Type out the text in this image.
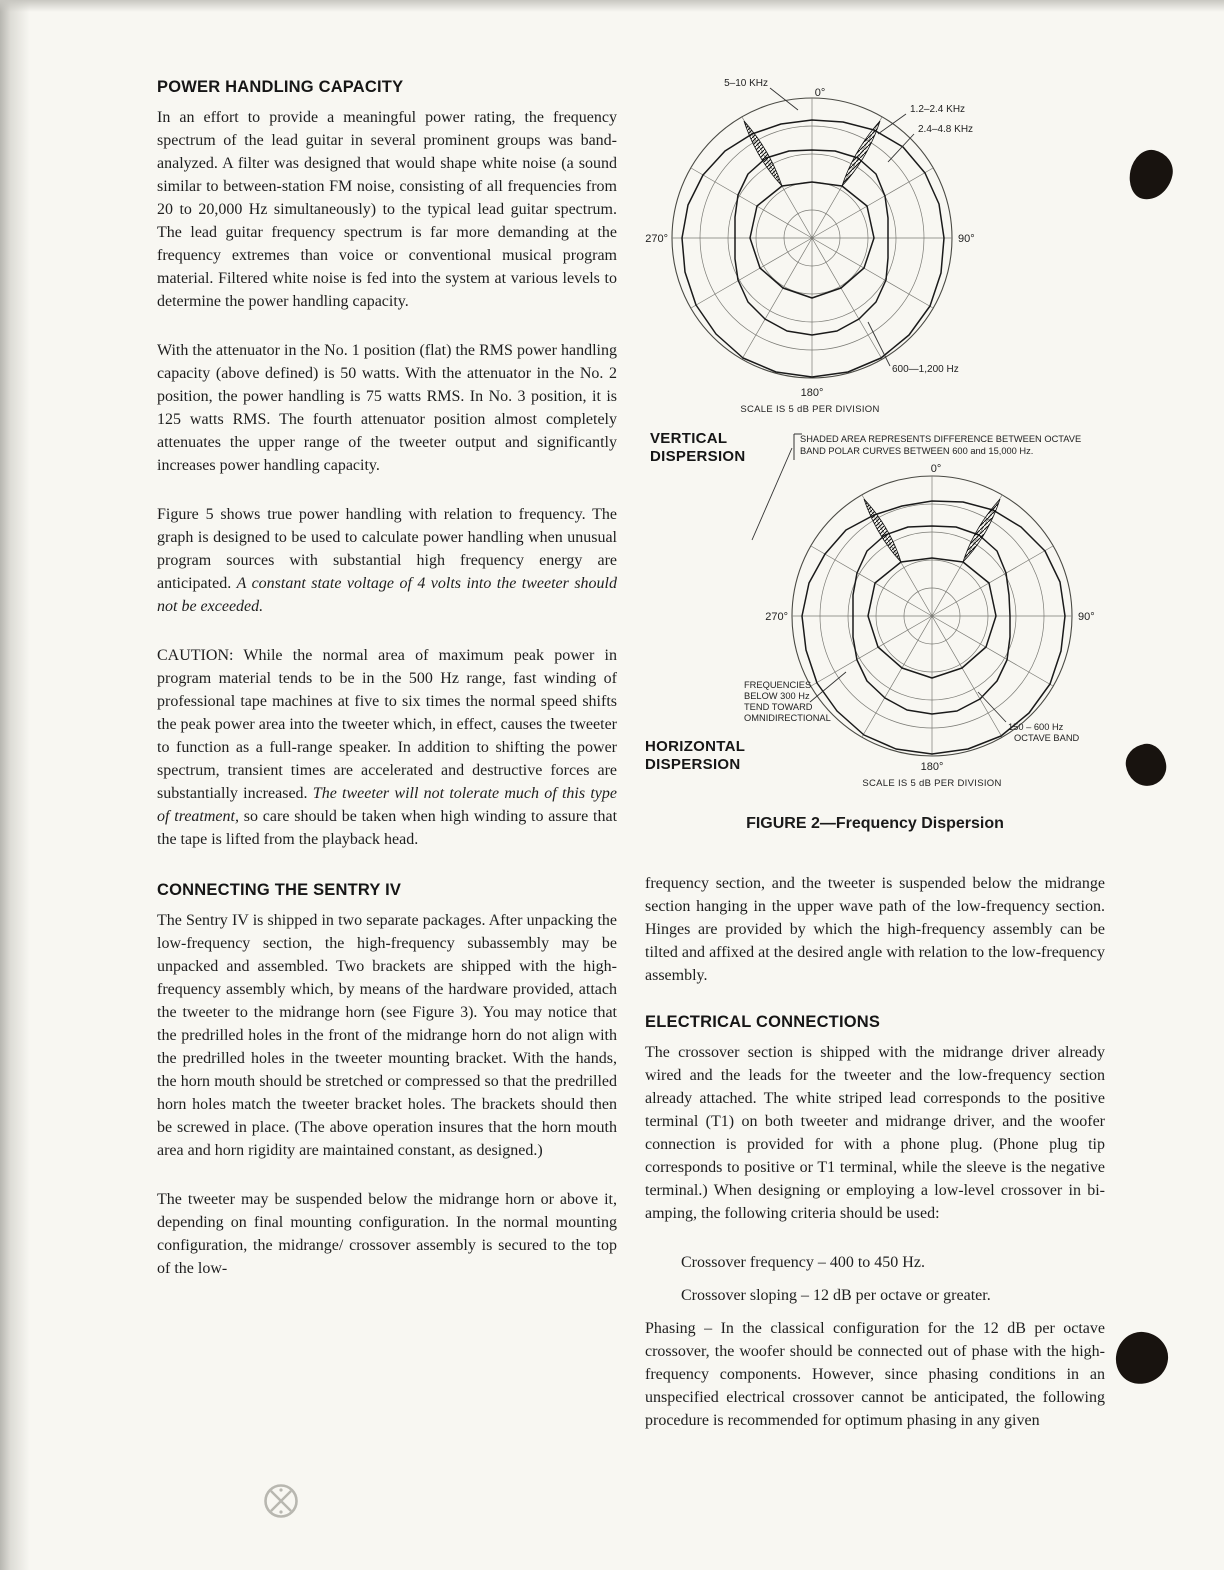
POWER HANDLING CAPACITY

In an effort to provide a meaningful power rating, the frequency spectrum of the lead guitar in several prominent groups was band-analyzed. A filter was designed that would shape white noise (a sound similar to between-station FM noise, consisting of all frequencies from 20 to 20,000 Hz simultaneously) to the typical lead guitar spectrum. The lead guitar frequency spectrum is far more demanding at the frequency extremes than voice or conventional musical program material. Filtered white noise is fed into the system at various levels to determine the power handling capacity.

With the attenuator in the No. 1 position (flat) the RMS power handling capacity (above defined) is 50 watts. With the attenuator in the No. 2 position, the power handling is 75 watts RMS. In No. 3 position, it is 125 watts RMS. The fourth attenuator position almost completely attenuates the upper range of the tweeter output and significantly increases power handling capacity.

Figure 5 shows true power handling with relation to frequency. The graph is designed to be used to calculate power handling when unusual program sources with substantial high frequency energy are anticipated. A constant state voltage of 4 volts into the tweeter should not be exceeded.

CAUTION: While the normal area of maximum peak power in program material tends to be in the 500 Hz range, fast winding of professional tape machines at five to six times the normal speed shifts the peak power area into the tweeter which, in effect, causes the tweeter to function as a full-range speaker. In addition to shifting the power spectrum, transient times are accelerated and destructive forces are substantially increased. The tweeter will not tolerate much of this type of treatment, so care should be taken when high winding to assure that the tape is lifted from the playback head.

CONNECTING THE SENTRY IV

The Sentry IV is shipped in two separate packages. After unpacking the low-frequency section, the high-frequency subassembly may be unpacked and assembled. Two brackets are shipped with the high-frequency assembly which, by means of the hardware provided, attach the tweeter to the midrange horn (see Figure 3). You may notice that the predrilled holes in the front of the midrange horn do not align with the predrilled holes in the tweeter mounting bracket. With the hands, the horn mouth should be stretched or compressed so that the predrilled horn holes match the tweeter bracket holes. The brackets should then be screwed in place. (The above operation insures that the horn mouth area and horn rigidity are maintained constant, as designed.)

The tweeter may be suspended below the midrange horn or above it, depending on final mounting configuration. In the normal mounting configuration, the midrange/ crossover assembly is secured to the top of the low-

5–10 KHz
0°
1.2–2.4 KHz
2.4–4.8 KHz
270°	90°
600—1,200 Hz
180°
SCALE IS 5 dB PER DIVISION
SHADED AREA REPRESENTS DIFFERENCE BETWEEN OCTAVE
BAND POLAR CURVES BETWEEN 600 and 15,000 Hz.
0°
270°	90°
FREQUENCIES
BELOW 300 Hz
TEND TOWARD
OMNIDIRECTIONAL
150 – 600 Hz
OCTAVE BAND
180°
SCALE IS 5 dB PER DIVISION
VERTICAL
DISPERSION
HORIZONTAL
DISPERSION
FIGURE 2—Frequency Dispersion

frequency section, and the tweeter is suspended below the midrange section hanging in the upper wave path of the low-frequency section. Hinges are provided by which the high-frequency assembly can be tilted and affixed at the desired angle with relation to the low-frequency assembly.

ELECTRICAL CONNECTIONS

The crossover section is shipped with the midrange driver already wired and the leads for the tweeter and the low-frequency section already attached. The white striped lead corresponds to the positive terminal (T1) on both tweeter and midrange driver, and the woofer connection is provided for with a phone plug. (Phone plug tip corresponds to positive or T1 terminal, while the sleeve is the negative terminal.) When designing or employing a low-level crossover in bi-amping, the following criteria should be used:

Crossover frequency – 400 to 450 Hz.

Crossover sloping – 12 dB per octave or greater.

Phasing – In the classical configuration for the 12 dB per octave crossover, the woofer should be connected out of phase with the high-frequency components. However, since phasing conditions in an unspecified electrical crossover cannot be anticipated, the following procedure is recommended for optimum phasing in any given
